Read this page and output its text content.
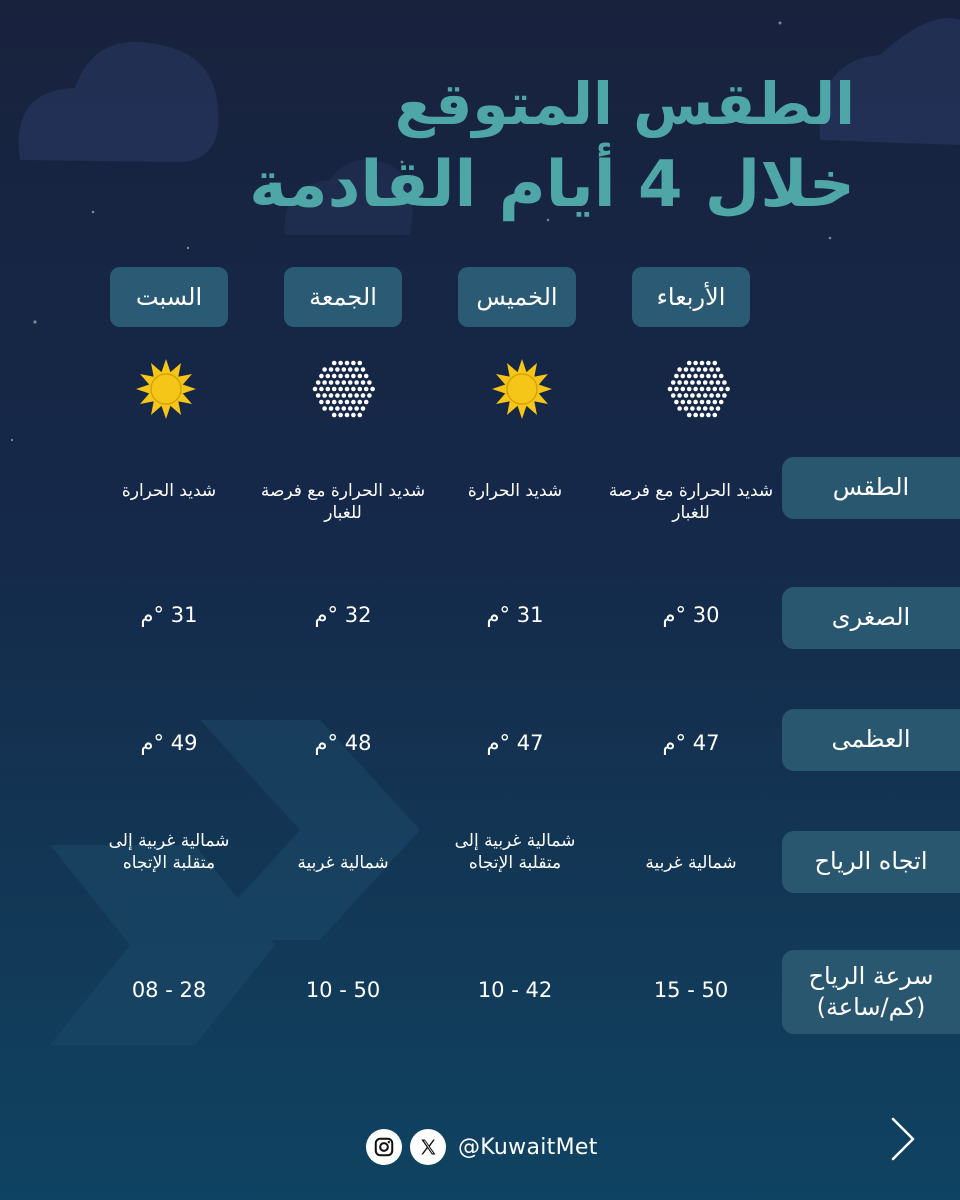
الطقس المتوقع
خلال 4 أيام القادمة
الأربعاء
الخميس
الجمعة
السبت
الطقس
الصغرى
العظمى
اتجاه الرياح
سرعة الرياح (كم/ساعة)
شديد الحرارة مع فرصة للغبار
شديد الحرارة
شديد الحرارة مع فرصة للغبار
شديد الحرارة
30 °م
31 °م
32 °م
31 °م
47 °م
47 °م
48 °م
49 °م
شمالية غربية
شمالية غربية إلى متقلبة الإتجاه
شمالية غربية
شمالية غربية إلى متقلبة الإتجاه
15 - 50
10 - 42
10 - 50
08 - 28
@KuwaitMet
